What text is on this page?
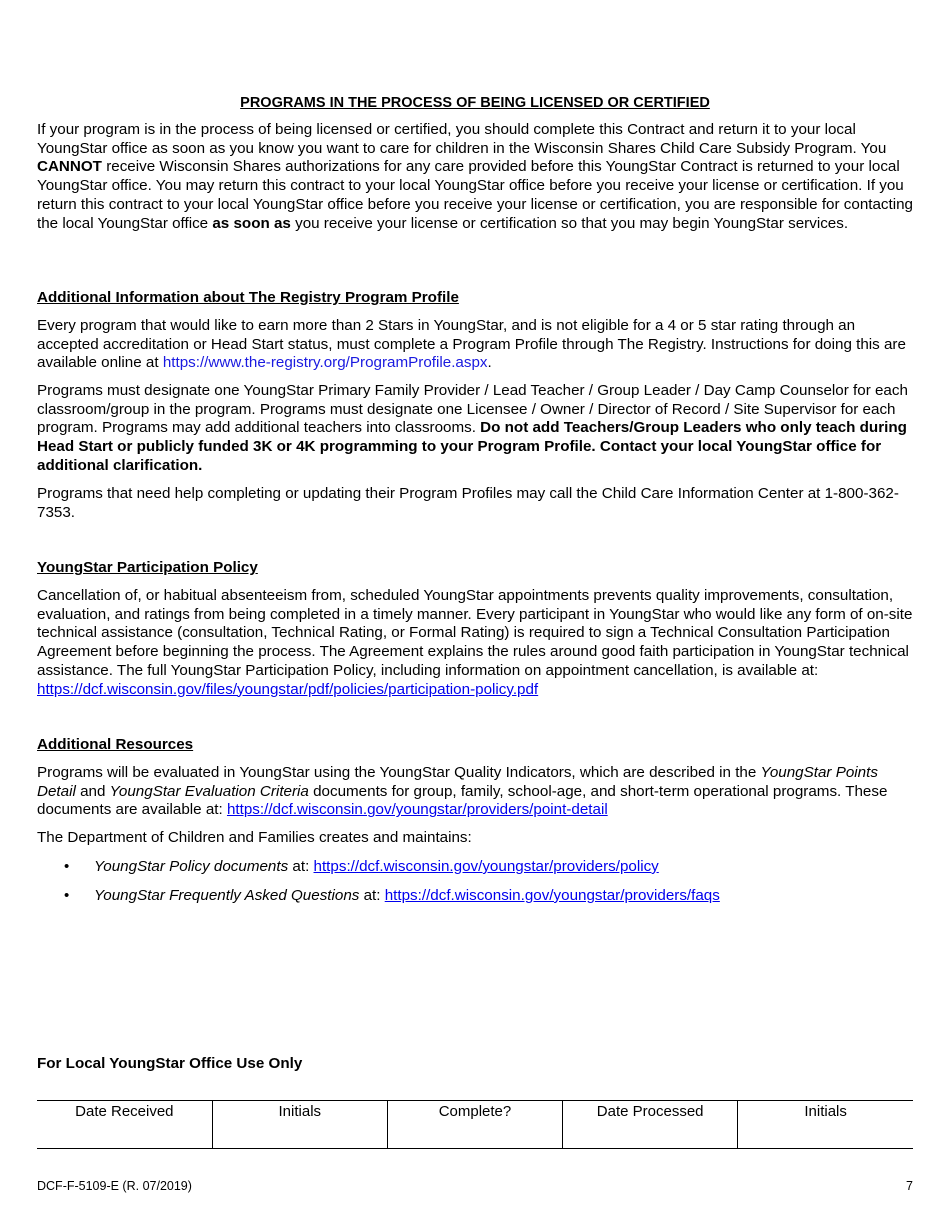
PROGRAMS IN THE PROCESS OF BEING LICENSED OR CERTIFIED

If your program is in the process of being licensed or certified, you should complete this Contract and return it to your local YoungStar office as soon as you know you want to care for children in the Wisconsin Shares Child Care Subsidy Program. You CANNOT receive Wisconsin Shares authorizations for any care provided before this YoungStar Contract is returned to your local YoungStar office. You may return this contract to your local YoungStar office before you receive your license or certification. If you return this contract to your local YoungStar office before you receive your license or certification, you are responsible for contacting the local YoungStar office as soon as you receive your license or certification so that you may begin YoungStar services.

Additional Information about The Registry Program Profile

Every program that would like to earn more than 2 Stars in YoungStar, and is not eligible for a 4 or 5 star rating through an accepted accreditation or Head Start status, must complete a Program Profile through The Registry. Instructions for doing this are available online at https://www.the-registry.org/ProgramProfile.aspx.

Programs must designate one YoungStar Primary Family Provider / Lead Teacher / Group Leader / Day Camp Counselor for each classroom/group in the program. Programs must designate one Licensee / Owner / Director of Record / Site Supervisor for each program. Programs may add additional teachers into classrooms. Do not add Teachers/Group Leaders who only teach during Head Start or publicly funded 3K or 4K programming to your Program Profile. Contact your local YoungStar office for additional clarification.

Programs that need help completing or updating their Program Profiles may call the Child Care Information Center at 1-800-362-7353.

YoungStar Participation Policy

Cancellation of, or habitual absenteeism from, scheduled YoungStar appointments prevents quality improvements, consultation, evaluation, and ratings from being completed in a timely manner. Every participant in YoungStar who would like any form of on-site technical assistance (consultation, Technical Rating, or Formal Rating) is required to sign a Technical Consultation Participation Agreement before beginning the process. The Agreement explains the rules around good faith participation in YoungStar technical assistance. The full YoungStar Participation Policy, including information on appointment cancellation, is available at: https://dcf.wisconsin.gov/files/youngstar/pdf/policies/participation-policy.pdf

Additional Resources

Programs will be evaluated in YoungStar using the YoungStar Quality Indicators, which are described in the YoungStar Points Detail and YoungStar Evaluation Criteria documents for group, family, school-age, and short-term operational programs. These documents are available at: https://dcf.wisconsin.gov/youngstar/providers/point-detail

The Department of Children and Families creates and maintains:

• YoungStar Policy documents at: https://dcf.wisconsin.gov/youngstar/providers/policy
• YoungStar Frequently Asked Questions at: https://dcf.wisconsin.gov/youngstar/providers/faqs

For Local YoungStar Office Use Only

Date Received	Initials	Complete?	Date Processed	Initials
DCF-F-5109-E (R. 07/2019)	7
